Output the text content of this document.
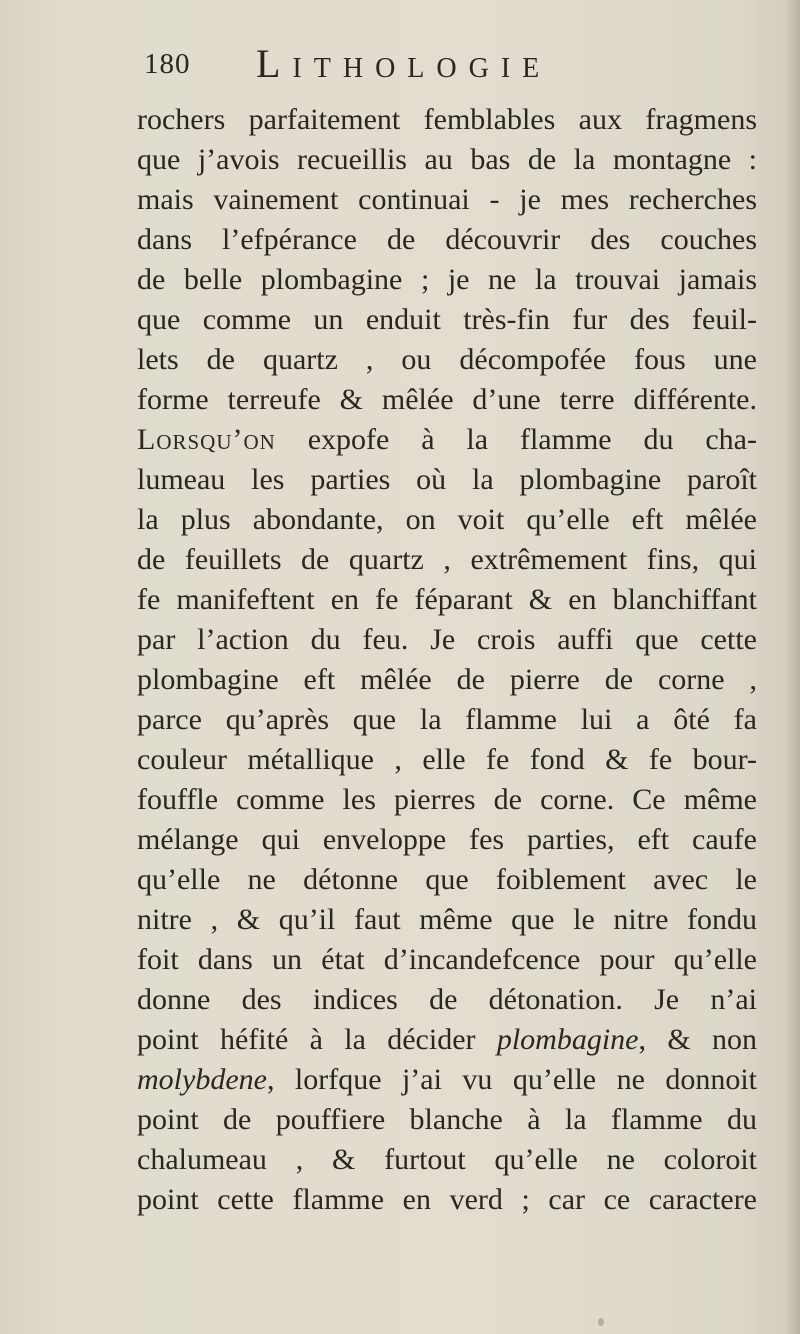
180 Lithologie
rochers parfaitement femblables aux fragmens
que j’avois recueillis au bas de la montagne :
mais vainement continuai - je mes recherches
dans l’efpérance de découvrir des couches
de belle plombagine ; je ne la trouvai jamais
que comme un enduit très-fin fur des feuil-
lets de quartz , ou décompofée fous une
forme terreufe & mêlée d’une terre différente.
Lorsqu’on expofe à la flamme du cha-
lumeau les parties où la plombagine paroît
la plus abondante, on voit qu’elle eft mêlée
de feuillets de quartz , extrêmement fins, qui
fe manifeftent en fe féparant & en blanchiffant
par l’action du feu. Je crois auffi que cette
plombagine eft mêlée de pierre de corne ,
parce qu’après que la flamme lui a ôté fa
couleur métallique , elle fe fond & fe bour-
fouffle comme les pierres de corne. Ce même
mélange qui enveloppe fes parties, eft caufe
qu’elle ne détonne que foiblement avec le
nitre , & qu’il faut même que le nitre fondu
foit dans un état d’incandefcence pour qu’elle
donne des indices de détonation. Je n’ai
point héfité à la décider plombagine, & non
molybdene, lorfque j’ai vu qu’elle ne donnoit
point de pouffiere blanche à la flamme du
chalumeau , & furtout qu’elle ne coloroit
point cette flamme en verd ; car ce caractere
